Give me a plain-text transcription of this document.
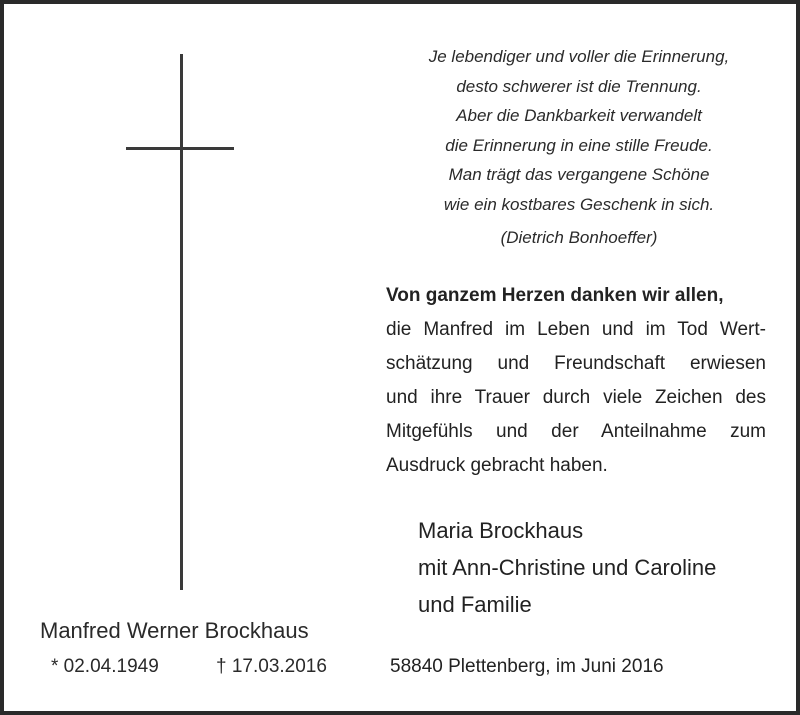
Je lebendiger und voller die Erinnerung,
desto schwerer ist die Trennung.
Aber die Dankbarkeit verwandelt
die Erinnerung in eine stille Freude.
Man trägt das vergangene Schöne
wie ein kostbares Geschenk in sich.
(Dietrich Bonhoeffer)
Von ganzem Herzen danken wir allen,
die Manfred im Leben und im Tod Wert-
schätzung und Freundschaft erwiesen
und ihre Trauer durch viele Zeichen des
Mitgefühls und der Anteilnahme zum
Ausdruck gebracht haben.
Maria Brockhaus
mit Ann-Christine und Caroline
und Familie
Manfred Werner Brockhaus
* 02.04.1949	† 17.03.2016	58840 Plettenberg, im Juni 2016
